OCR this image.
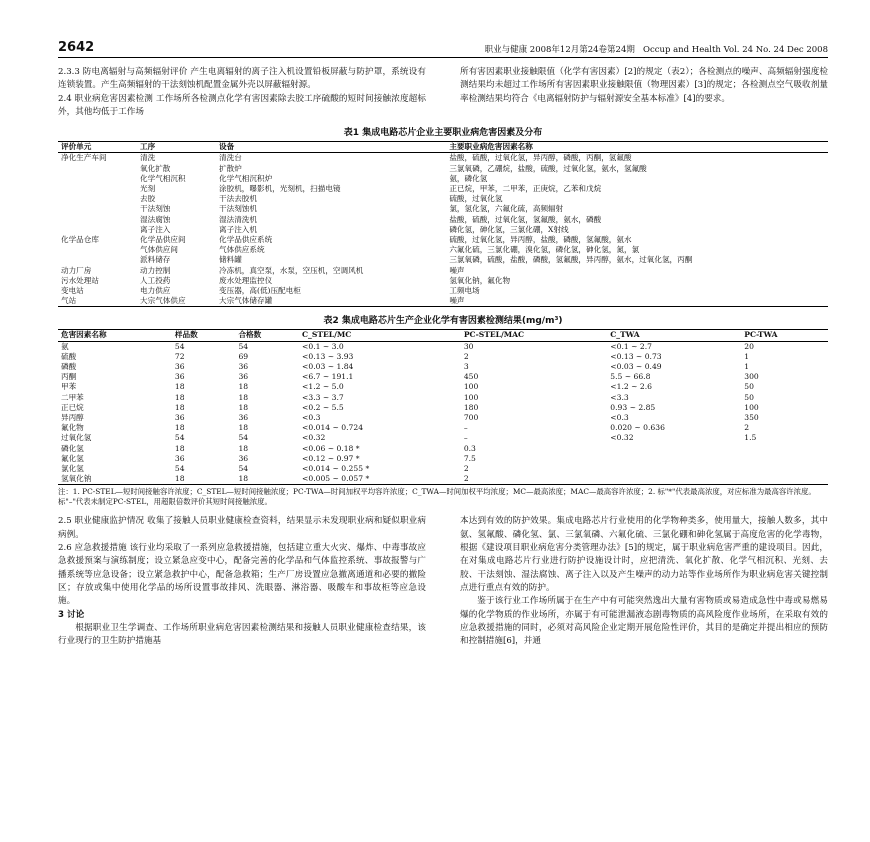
2642	职业与健康 2008年12月第24卷第24期 Occup and Health Vol. 24 No. 24 Dec 2008

2.3.3 防电离辐射与高频辐射评价 产生电离辐射的离子注入机设置铅板屏蔽与防护罩，系统设有连锁装置。产生高频辐射的干法刻蚀机配置金属外壳以屏蔽辐射源。

2.4 职业病危害因素检测 工作场所各检测点化学有害因素除去胶工序硫酸的短时间接触浓度超标外，其他均低于工作场

所有害因素职业接触限值（化学有害因素）[2]的规定（表2）；各检测点的噪声、高频辐射强度检测结果均未超过工作场所有害因素职业接触限值（物理因素）[3]的规定；各检测点空气吸收剂量率检测结果均符合《电离辐射防护与辐射源安全基本标准》[4]的要求。

表1 集成电路芯片企业主要职业病危害因素及分布
评价单元	工序	设备	主要职业病危害因素名称
净化生产车间	清洗	清洗台	盐酸，硫酸，过氧化氢，异丙醇，磷酸，丙酮，氢氟酸
	氧化扩散	扩散炉	三氯氧磷，乙硼烷，盐酸，硫酸，过氧化氢，氨水，氢氟酸
	化学气相沉积	化学气相沉积炉	氨，磷化氢
	光刻	涂胶机，曝影机，光刻机，扫描电镜	正已烷，甲苯，二甲苯，正庚烷，乙苯和戊烷
	去胶	干法去胶机	硫酸，过氧化氢
	干法刻蚀	干法刻蚀机	氯，氢化氢，六氟化硫，高频辐射
	湿法腐蚀	湿法清洗机	盐酸，硫酸，过氧化氢，氢氟酸，氨水，磷酸
	离子注入	离子注入机	磷化氢，砷化氢，三氯化硼，X射线
化学品仓库	化学品供应间	化学品供应系统	硫酸，过氧化氢，异丙醇，盐酸，磷酸，氢氟酸，氨水
	气体供应间	气体供应系统	六氟化硫，三氯化硼，溴化氢，磷化氢，砷化氢，氮，氯
	派料储存	储料罐	三氯氧磷，硫酸，盐酸，磷酸，氢氟酸，异丙醇，氨水，过氧化氢，丙酮
动力厂房	动力控制	冷冻机，真空泵，水泵，空压机，空调风机	噪声
污水处理站	人工投药	废水处理监控仪	氢氧化钠，氟化物
变电站	电力供应	变压器，高(低)压配电柜	工频电场
气站	大宗气体供应	大宗气体储存罐	噪声
表2 集成电路芯片生产企业化学有害因素检测结果(mg/m³)
危害因素名称	样品数	合格数	C_STEL/MC	PC-STEL/MAC	C_TWA	PC-TWA
氨	54	54	<0.1 ~ 3.0	30	<0.1 ~ 2.7	20
硫酸	72	69	<0.13 ~ 3.93	2	<0.13 ~ 0.73	1
磷酸	36	36	<0.03 ~ 1.84	3	<0.03 ~ 0.49	1
丙酮	36	36	<6.7 ~ 191.1	450	5.5 ~ 66.8	300
甲苯	18	18	<1.2 ~ 5.0	100	<1.2 ~ 2.6	50
二甲苯	18	18	<3.3 ~ 3.7	100	<3.3	50
正已烷	18	18	<0.2 ~ 5.5	180	0.93 ~ 2.85	100
异丙醇	36	36	<0.3	700	<0.3	350
氟化物	18	18	<0.014 ~ 0.724	–	0.020 ~ 0.636	2
过氧化氢	54	54	<0.32	–	<0.32	1.5
磷化氢	18	18	<0.06 ~ 0.18 *	0.3		
氟化氢	36	36	<0.12 ~ 0.97 *	7.5		
氯化氢	54	54	<0.014 ~ 0.255 *	2		
氢氧化钠	18	18	<0.005 ~ 0.057 *	2		
注：1. PC-STEL—短时间接触容许浓度；C_STEL—短时间接触浓度；PC-TWA—时间加权平均容许浓度；C_TWA—时间加权平均浓度；MC—最高浓度；MAC—最高容许浓度；2. 标"*"代表最高浓度，对应标准为最高容许浓度。标"–"代表未制定PC-STEL，用超限倍数评价其短时间接触浓度。

2.5 职业健康监护情况 收集了接触人员职业健康检查资料，结果显示未发现职业病和疑似职业病病例。

2.6 应急救援措施 该行业均采取了一系列应急救援措施，包括建立重大火灾、爆炸、中毒事故应急救援预案与演练制度；设立紧急应变中心，配备完善的化学品和气体监控系统、事故报警与广播系统等应急设备；设立紧急救护中心，配备急救箱；生产厂房设置应急撤离通道和必要的撤险区；存放或集中使用化学品的场所设置事故排风、洗眼器、淋浴器、吸酸车和事故柜等应急设施。

3 讨论

根据职业卫生学调查、工作场所职业病危害因素检测结果和接触人员职业健康检查结果，该行业现行的卫生防护措施基

本达到有效的防护效果。集成电路芯片行业使用的化学物种类多，使用量大，接触人数多，其中氨、氢氟酸、磷化氢、氯、三氯氧磷、六氟化硫、三氯化硼和砷化氢属于高度危害的化学毒物，根据《建设项目职业病危害分类管理办法》[5]的规定，属于职业病危害严重的建设项目。因此，在对集成电路芯片行业进行防护设施设计时，应把清洗、氧化扩散、化学气相沉积、光刻、去胶、干法刻蚀、湿法腐蚀、离子注入以及产生噪声的动力站等作业场所作为职业病危害关键控制点进行重点有效的防护。

鉴于该行业工作场所属于在生产中有可能突然逸出大量有害物质或易造成急性中毒或易燃易爆的化学物质的作业场所，亦属于有可能泄漏液态剧毒物质的高风险度作业场所，在采取有效的应急救援措施的同时，必须对高风险企业定期开展危险性评价，其目的是确定并提出相应的预防和控制措施[6]，并通
